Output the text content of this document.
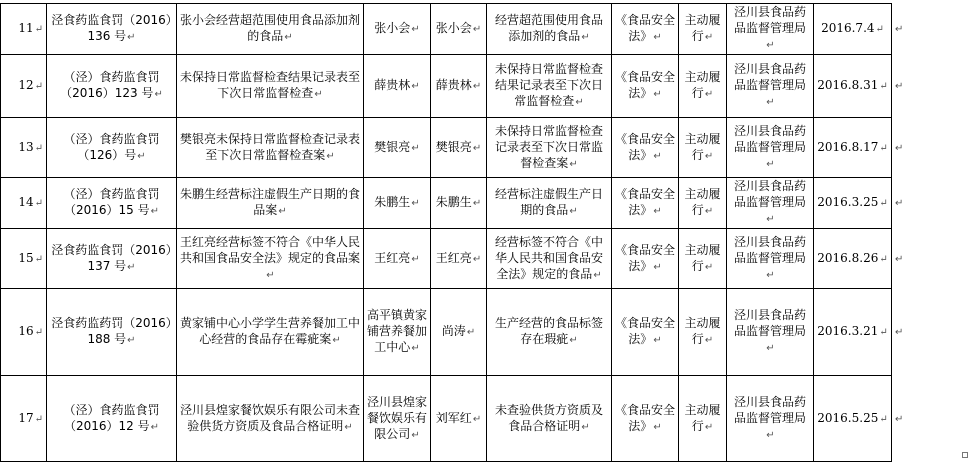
11↵	泾食药监食罚（2016）136 号↵	张小会经营超范围使用食品添加剂的食品↵	张小会↵	张小会↵	经营超范围使用食品添加剂的食品↵	《食品安全法》↵	主动履行↵	泾川县食品药品监督管理局↵	2016.7.4↵	↵
12↵	（泾）食药监食罚（2016）123 号↵	未保持日常监督检查结果记录表至下次日常监督检查↵	薛贵林↵	薛贵林↵	未保持日常监督检查结果记录表至下次日常监督检查↵	《食品安全法》↵	主动履行↵	泾川县食品药品监督管理局↵	2016.8.31↵	↵
13↵	（泾）食药监食罚（126）号↵	樊银亮未保持日常监督检查记录表至下次日常监督检查案↵	樊银亮↵	樊银亮↵	未保持日常监督检查记录表至下次日常监督检查案↵	《食品安全法》↵	主动履行↵	泾川县食品药品监督管理局↵	2016.8.17↵	↵
14↵	（泾）食药监食罚（2016）15 号↵	朱鹏生经营标注虚假生产日期的食品案↵	朱鹏生↵	朱鹏生↵	经营标注虚假生产日期的食品↵	《食品安全法》↵	主动履行↵	泾川县食品药品监督管理局↵	2016.3.25↵	↵
15↵	泾食药监食罚（2016）137 号↵	王红亮经营标签不符合《中华人民共和国食品安全法》规定的食品案↵	王红亮↵	王红亮↵	经营标签不符合《中华人民共和国食品安全法》规定的食品↵	《食品安全法》↵	主动履行↵	泾川县食品药品监督管理局↵	2016.8.26↵	↵
16↵	泾食药监药罚（2016）188 号↵	黄家铺中心小学学生营养餐加工中心经营的食品存在霉疵案↵	高平镇黄家铺营养餐加工中心↵	尚涛↵	生产经营的食品标签存在瑕疵↵	《食品安全法》↵	主动履行↵	泾川县食品药品监督管理局↵	2016.3.21↵	↵
17↵	（泾）食药监食罚（2016）12 号↵	泾川县煌家餐饮娱乐有限公司未查验供货方资质及食品合格证明↵	泾川县煌家餐饮娱乐有限公司↵	刘军红↵	未查验供货方资质及食品合格证明↵	《食品安全法》↵	主动履行↵	泾川县食品药品监督管理局↵	2016.5.25↵	↵
